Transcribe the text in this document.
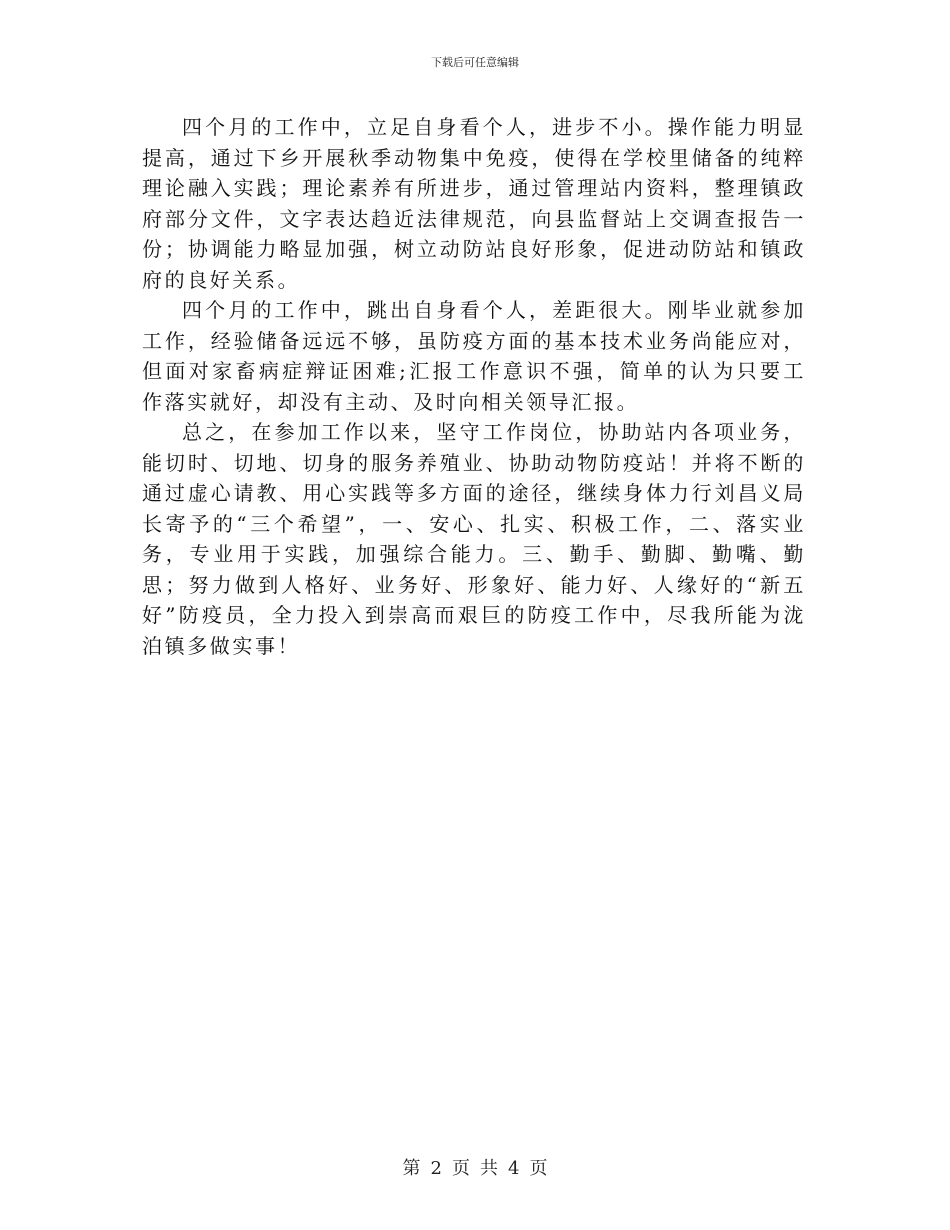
下载后可任意编辑

四个月的工作中，立足自身看个人，进步不小。操作能力明显提高，通过下乡开展秋季动物集中免疫，使得在学校里储备的纯粹理论融入实践；理论素养有所进步，通过管理站内资料，整理镇政府部分文件，文字表达趋近法律规范，向县监督站上交调查报告一份；协调能力略显加强，树立动防站良好形象，促进动防站和镇政府的良好关系。

四个月的工作中，跳出自身看个人，差距很大。刚毕业就参加工作，经验储备远远不够，虽防疫方面的基本技术业务尚能应对，但面对家畜病症辩证困难;汇报工作意识不强，简单的认为只要工作落实就好，却没有主动、及时向相关领导汇报。

总之，在参加工作以来，坚守工作岗位，协助站内各项业务，能切时、切地、切身的服务养殖业、协助动物防疫站！并将不断的通过虚心请教、用心实践等多方面的途径，继续身体力行刘昌义局长寄予的“三个希望”，一、安心、扎实、积极工作，二、落实业务，专业用于实践，加强综合能力。三、勤手、勤脚、勤嘴、勤思；努力做到人格好、业务好、形象好、能力好、人缘好的“新五好”防疫员，全力投入到崇高而艰巨的防疫工作中，尽我所能为泷泊镇多做实事！

第 2 页 共 4 页
